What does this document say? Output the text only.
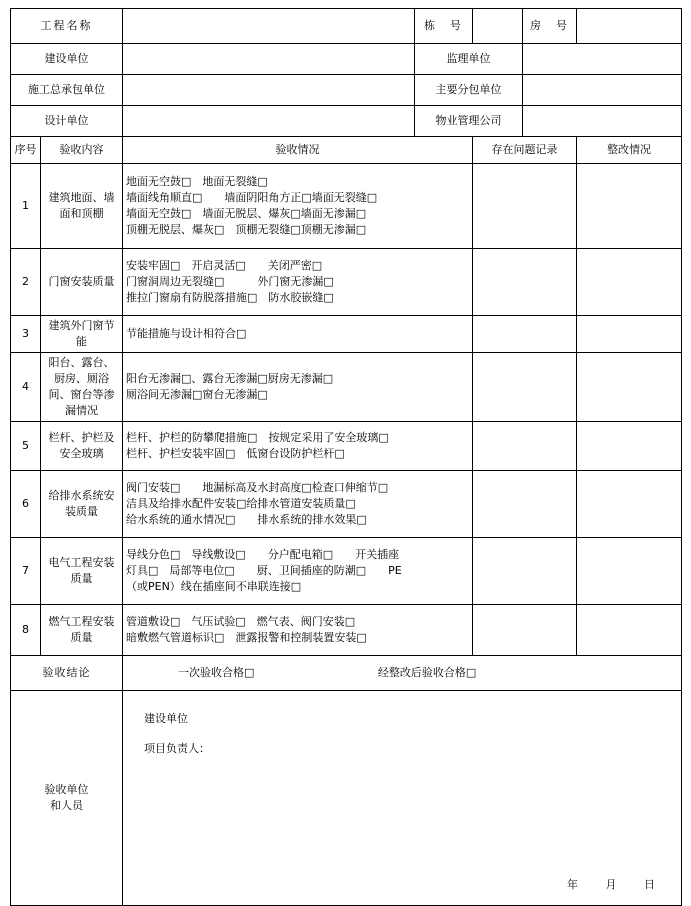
工程名称			栋　号		房　号	
建设单位			监理单位			
施工总承包单位			主要分包单位			
设计单位			物业管理公司			
序号	验收内容	验收情况		存在问题记录		整改情况
1	建筑地面、墙面和顶棚	地面无空鼓□　地面无裂缝□
墙面线角顺直□　　墙面阴阳角方正□墙面无裂缝□
墙面无空鼓□　墙面无脱层、爆灰□墙面无渗漏□
顶棚无脱层、爆灰□　顶棚无裂缝□顶棚无渗漏□				

2	门窗安装质量	安装牢固□　开启灵活□　　关闭严密□
门窗洞周边无裂缝□　　　外门窗无渗漏□
推拉门窗扇有防脱落措施□　防水胶嵌缝□				

3	建筑外门窗节能	节能措施与设计相符合□				

4	阳台、露台、厨房、厕浴间、窗台等渗漏情况	阳台无渗漏□、露台无渗漏□厨房无渗漏□
厕浴间无渗漏□窗台无渗漏□				

5	栏杆、护栏及安全玻璃	栏杆、护栏的防攀爬措施□　按规定采用了安全玻璃□
栏杆、护栏安装牢固□　低窗台设防护栏杆□				

6	给排水系统安装质量	阀门安装□　　地漏标高及水封高度□检查口伸缩节□
洁具及给排水配件安装□给排水管道安装质量□
给水系统的通水情况□　　排水系统的排水效果□				

7	电气工程安装质量	导线分色□　导线敷设□　　分户配电箱□　　开关插座
灯具□　局部等电位□　　厨、卫间插座的防潮□　　PE
（或PEN）线在插座间不串联连接□				

8	燃气工程安装质量	管道敷设□　气压试验□　燃气表、阀门安装□
暗敷燃气管道标识□　泄露报警和控制装置安装□				

验收结论		一次验收合格□ 经整改后验收合格□				

验收单位
和人员

建设单位
项目负责人：
年 月 日
